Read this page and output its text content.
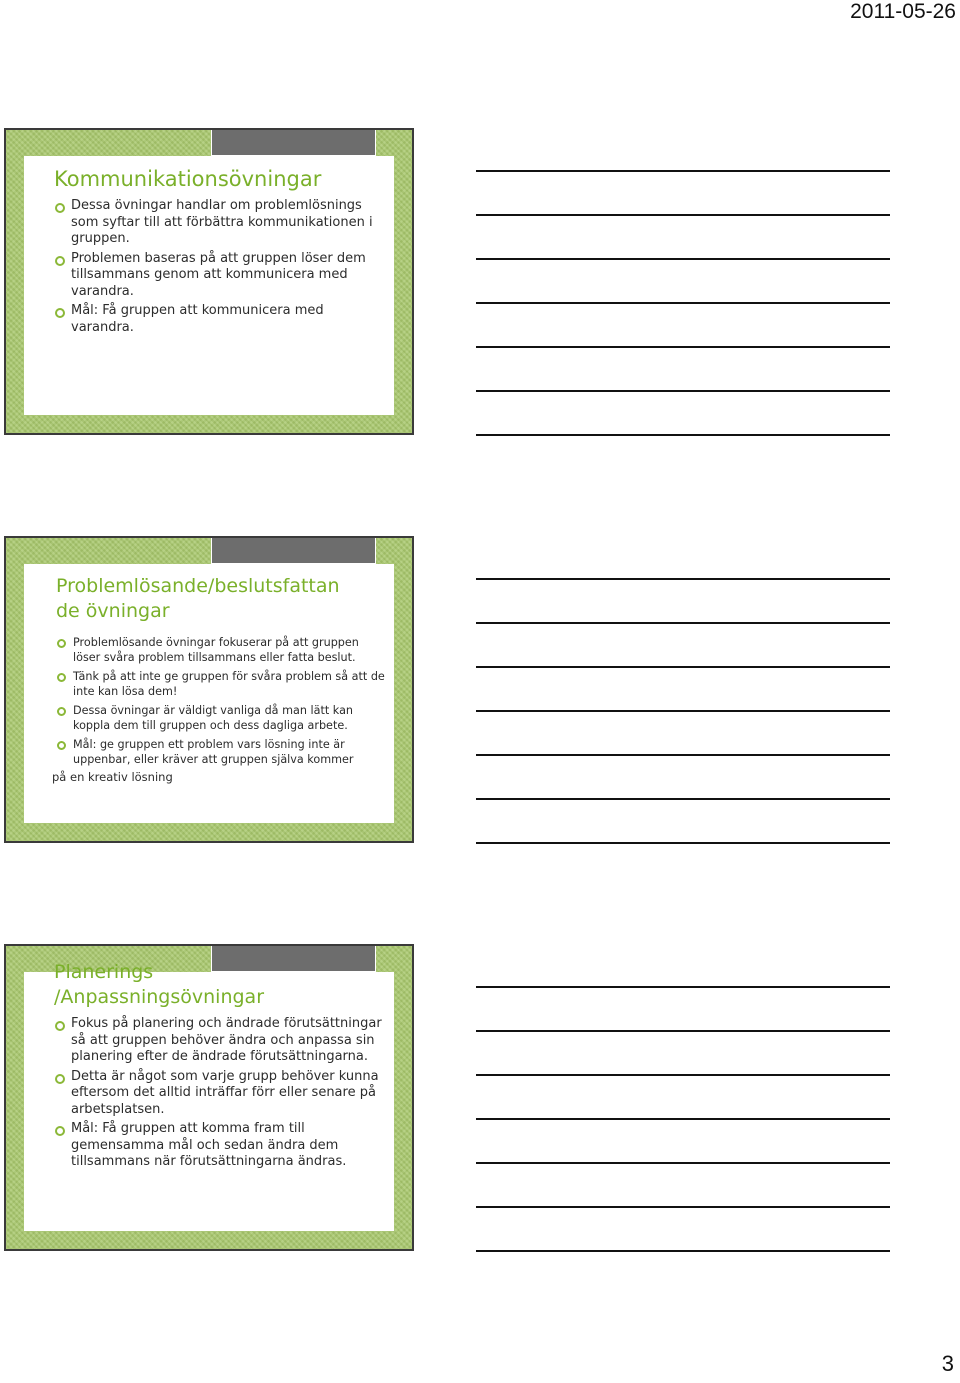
2011-05-26
Kommunikationsövningar
Dessa övningar handlar om problemlösnings som syftar till att förbättra kommunikationen i gruppen.
Problemen baseras på att gruppen löser dem tillsammans genom att kommunicera med varandra.
Mål: Få gruppen att kommunicera med varandra.
Problemlösande/beslutsfattan de övningar
Problemlösande övningar fokuserar på att gruppen löser svåra problem tillsammans eller fatta beslut.
Tänk på att inte ge gruppen för svåra problem så att de inte kan lösa dem!
Dessa övningar är väldigt vanliga då man lätt kan koppla dem till gruppen och dess dagliga arbete.
Mål: ge gruppen ett problem vars lösning inte är uppenbar, eller kräver att gruppen själva kommer

på en kreativ lösning

Planerings /Anpassningsövningar
Fokus på planering och ändrade förutsättningar så att gruppen behöver ändra och anpassa sin planering efter de ändrade förutsättningarna.
Detta är något som varje grupp behöver kunna eftersom det alltid inträffar förr eller senare på arbetsplatsen.
Mål: Få gruppen att komma fram till gemensamma mål och sedan ändra dem tillsammans när förutsättningarna ändras.
3
